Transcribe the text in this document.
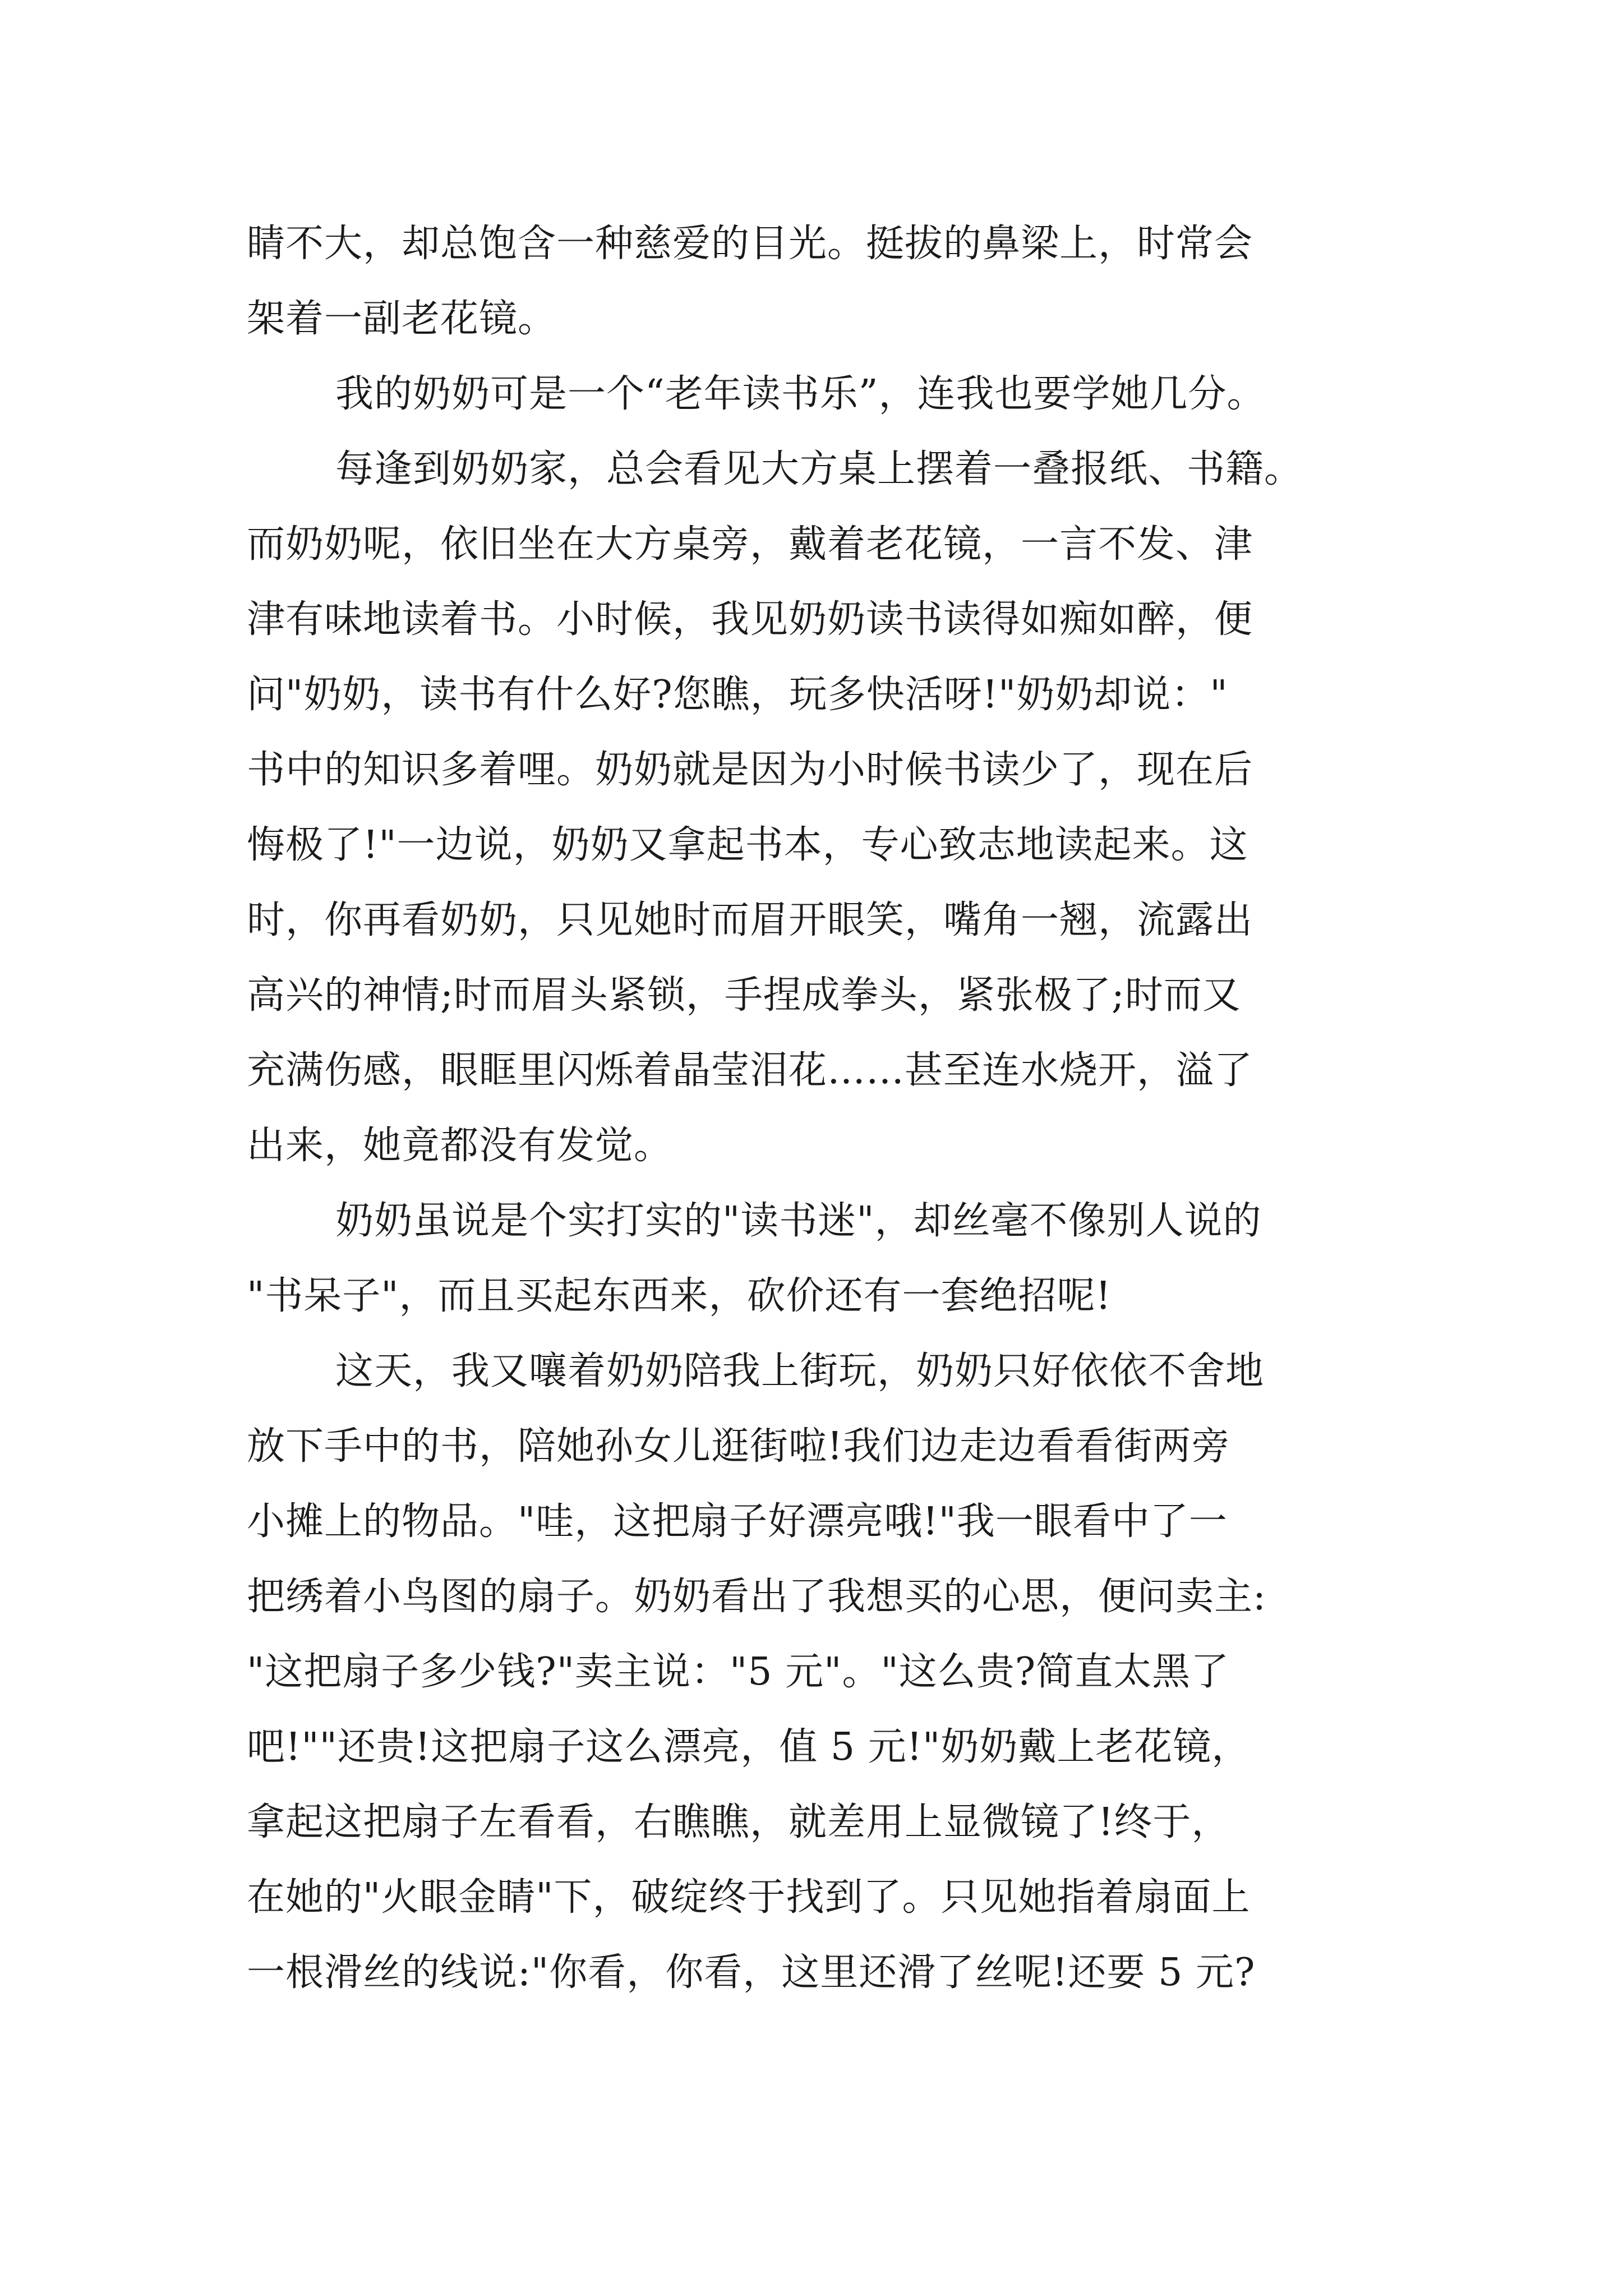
睛不大，却总饱含一种慈爱的目光。挺拔的鼻梁上，时常会
架着一副老花镜。
我的奶奶可是一个“老年读书乐”，连我也要学她几分。
每逢到奶奶家，总会看见大方桌上摆着一叠报纸、书籍。
而奶奶呢，依旧坐在大方桌旁，戴着老花镜，一言不发、津
津有味地读着书。小时候，我见奶奶读书读得如痴如醉，便
问"奶奶，读书有什么好?您瞧，玩多快活呀!"奶奶却说："
书中的知识多着哩。奶奶就是因为小时候书读少了，现在后
悔极了!"一边说，奶奶又拿起书本，专心致志地读起来。这
时，你再看奶奶，只见她时而眉开眼笑，嘴角一翘，流露出
高兴的神情;时而眉头紧锁，手捏成拳头，紧张极了;时而又
充满伤感，眼眶里闪烁着晶莹泪花……甚至连水烧开，溢了
出来，她竟都没有发觉。
奶奶虽说是个实打实的"读书迷"，却丝毫不像别人说的
"书呆子"，而且买起东西来，砍价还有一套绝招呢!
这天，我又嚷着奶奶陪我上街玩，奶奶只好依依不舍地
放下手中的书，陪她孙女儿逛街啦!我们边走边看看街两旁
小摊上的物品。"哇，这把扇子好漂亮哦!"我一眼看中了一
把绣着小鸟图的扇子。奶奶看出了我想买的心思，便问卖主:
"这把扇子多少钱?"卖主说："5 元"。"这么贵?简直太黑了
吧!""还贵!这把扇子这么漂亮，值 5 元!"奶奶戴上老花镜，
拿起这把扇子左看看，右瞧瞧，就差用上显微镜了!终于，
在她的"火眼金睛"下，破绽终于找到了。只见她指着扇面上
一根滑丝的线说:"你看，你看，这里还滑了丝呢!还要 5 元?
